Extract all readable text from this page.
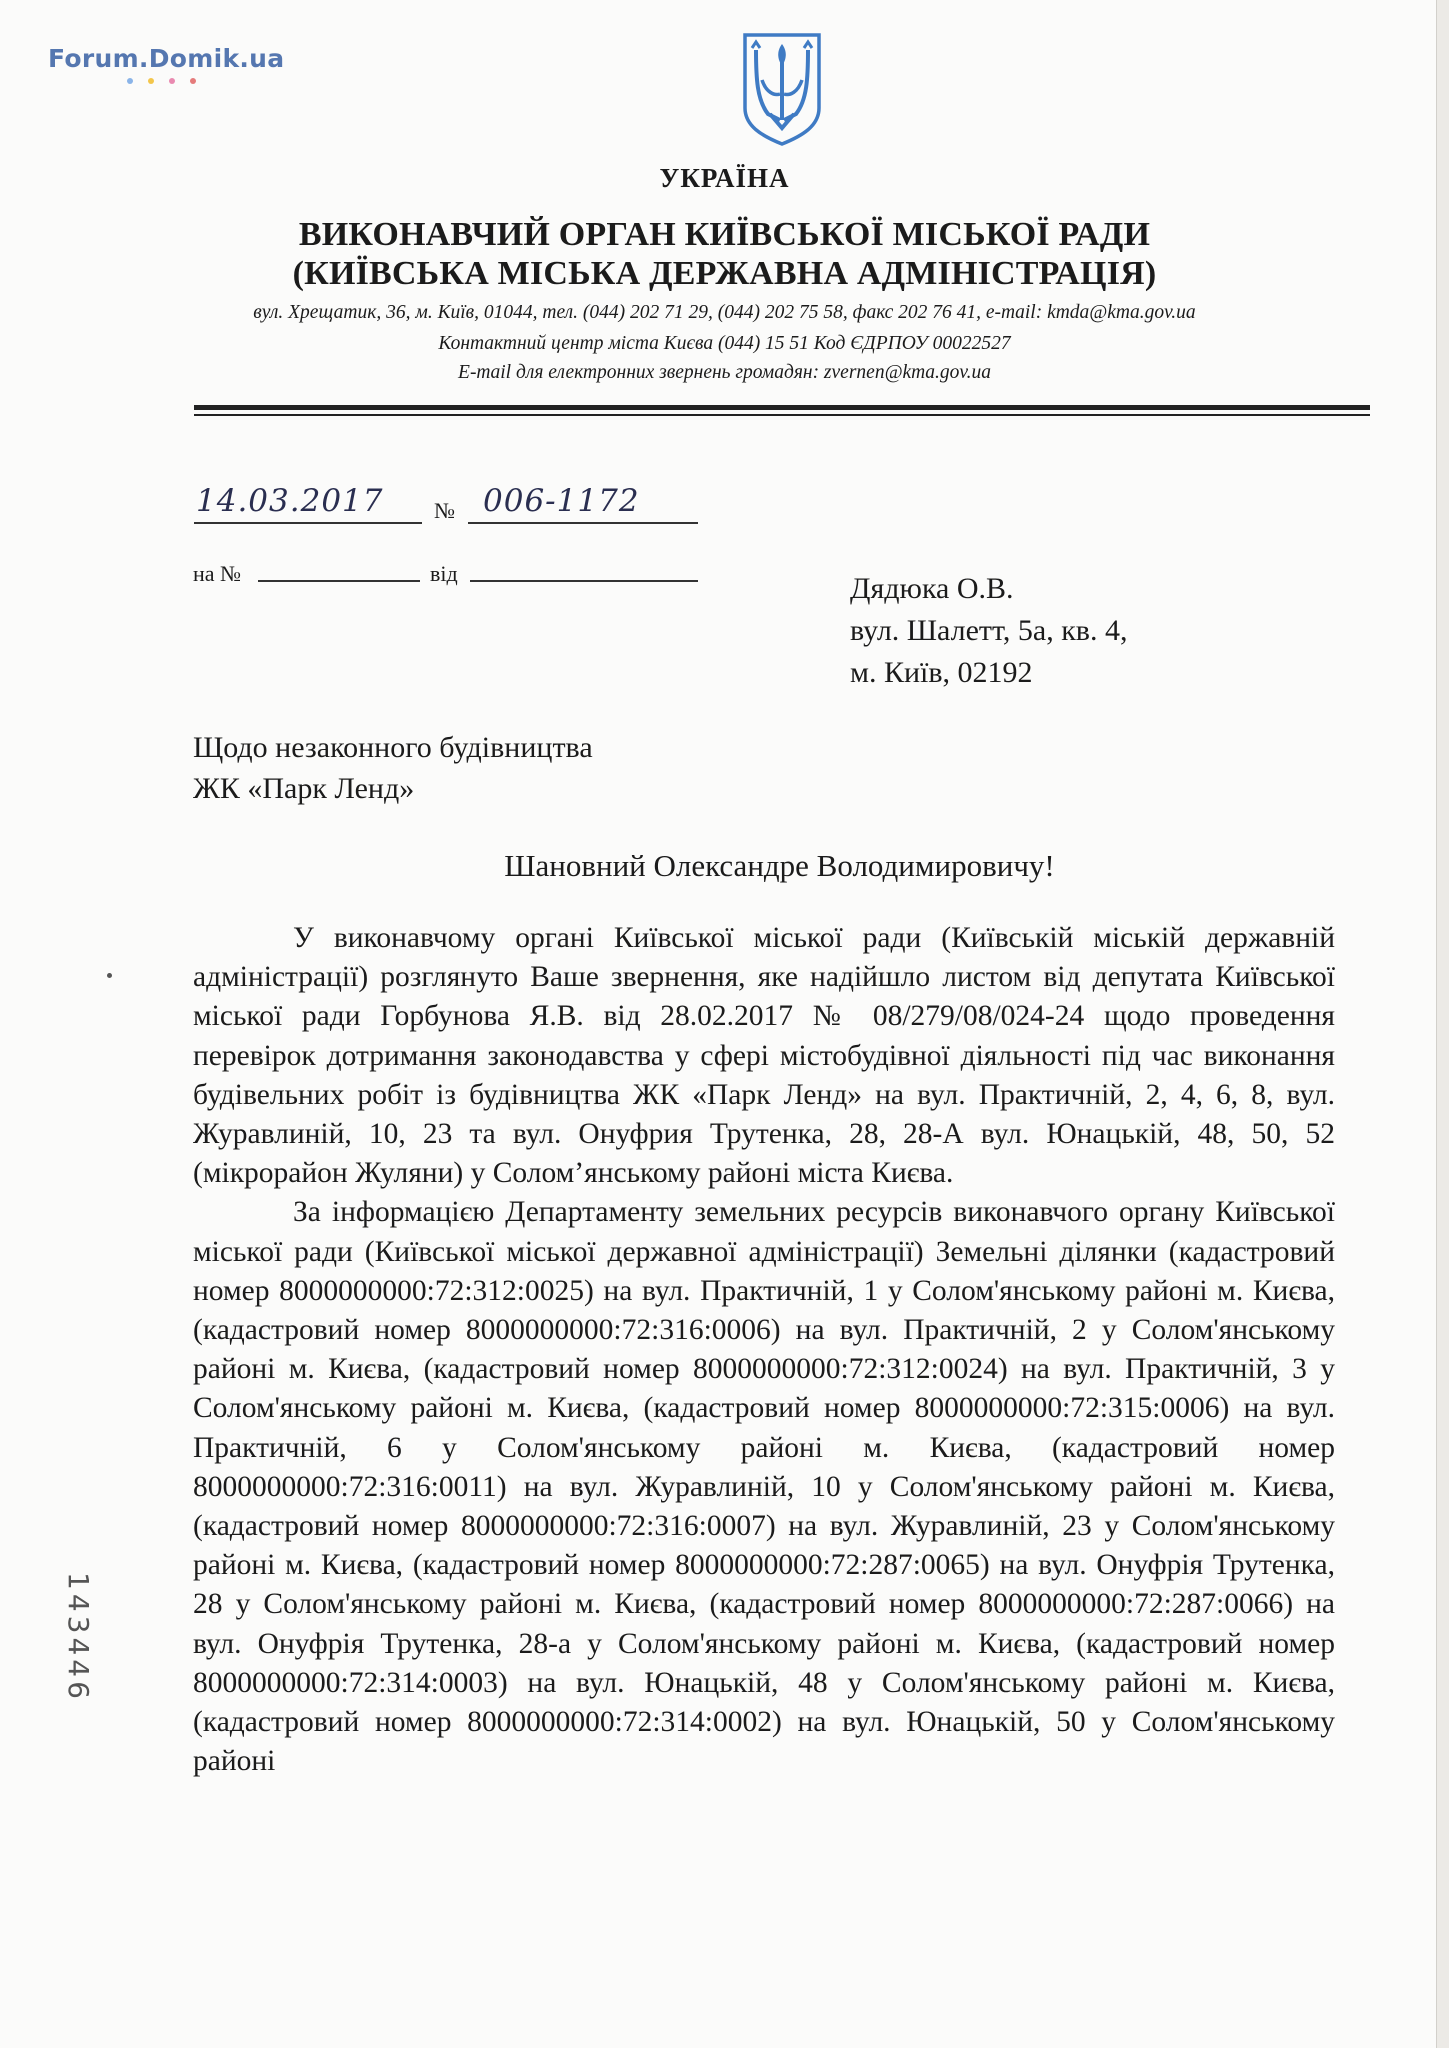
Forum.Domik.ua
УКРАЇНА
ВИКОНАВЧИЙ ОРГАН КИЇВСЬКОЇ МІСЬКОЇ РАДИ
(КИЇВСЬКА МІСЬКА ДЕРЖАВНА АДМІНІСТРАЦІЯ)
вул. Хрещатик, 36, м. Київ, 01044, тел. (044) 202 71 29, (044) 202 75 58, факс 202 76 41, e-mail: kmda@kma.gov.ua
Контактний центр міста Києва (044) 15 51 Код ЄДРПОУ 00022527
E-mail для електронних звернень громадян: zvernen@kma.gov.ua
14.03.2017 № 006-1172
на №	від	Дядюка О.В.
вул. Шалетт, 5а, кв. 4,
м. Київ, 02192
Щодо незаконного будівництва
ЖК «Парк Ленд»
Шановний Олександре Володимировичу!

У виконавчому органі Київської міської ради (Київській міській державній адміністрації) розглянуто Ваше звернення, яке надійшло листом від депутата Київської міської ради Горбунова Я.В. від 28.02.2017 № 08/279/08/024-24 щодо проведення перевірок дотримання законодавства у сфері містобудівної діяльності під час виконання будівельних робіт із будівництва ЖК «Парк Ленд» на вул. Практичній, 2, 4, 6, 8, вул. Журавлиній, 10, 23 та вул. Онуфрия Трутенка, 28, 28-А вул. Юнацькій, 48, 50, 52 (мікрорайон Жуляни) у Солом’янському районі міста Києва.

За інформацією Департаменту земельних ресурсів виконавчого органу Київської міської ради (Київської міської державної адміністрації) Земельні ділянки (кадастровий номер 8000000000:72:312:0025) на вул. Практичній, 1 у Солом'янському районі м. Києва, (кадастровий номер 8000000000:72:316:0006) на вул. Практичній, 2 у Солом'янському районі м. Києва, (кадастровий номер 8000000000:72:312:0024) на вул. Практичній, 3 у Солом'янському районі м. Києва, (кадастровий номер 8000000000:72:315:0006) на вул. Практичній, 6 у Солом'янському районі м. Києва, (кадастровий номер 8000000000:72:316:0011) на вул. Журавлиній, 10 у Солом'янському районі м. Києва, (кадастровий номер 8000000000:72:316:0007) на вул. Журавлиній, 23 у Солом'янському районі м. Києва, (кадастровий номер 8000000000:72:287:0065) на вул. Онуфрія Трутенка, 28 у Солом'янському районі м. Києва, (кадастровий номер 8000000000:72:287:0066) на вул. Онуфрія Трутенка, 28-а у Солом'янському районі м. Києва, (кадастровий номер 8000000000:72:314:0003) на вул. Юнацькій, 48 у Солом'янському районі м. Києва, (кадастровий номер 8000000000:72:314:0002) на вул. Юнацькій, 50 у Солом'янському районі

143446
